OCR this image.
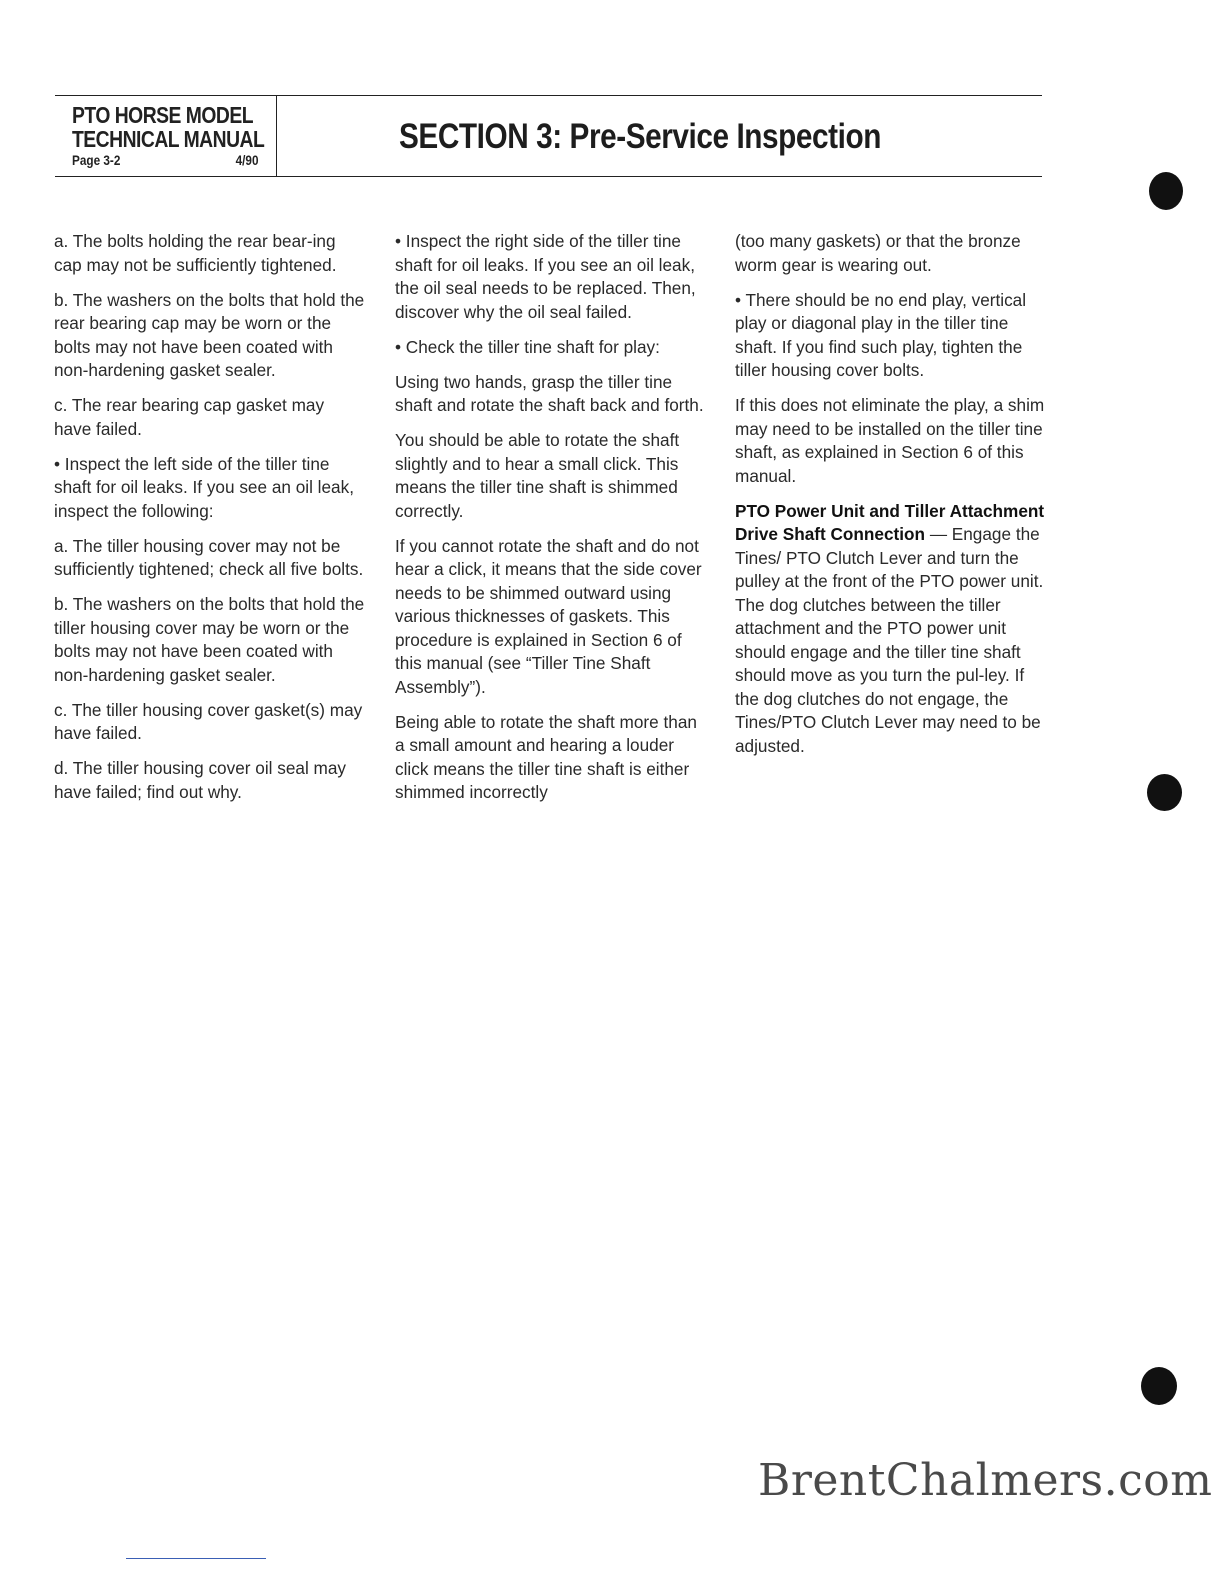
PTO HORSE MODEL
TECHNICAL MANUAL
Page 3-2	4/90
SECTION 3: Pre-Service Inspection

a. The bolts holding the rear bear-ing cap may not be sufficiently tightened.

b. The washers on the bolts that hold the rear bearing cap may be worn or the bolts may not have been coated with non-hardening gasket sealer.

c. The rear bearing cap gasket may have failed.

• Inspect the left side of the tiller tine shaft for oil leaks. If you see an oil leak, inspect the following:

a. The tiller housing cover may not be sufficiently tightened; check all five bolts.

b. The washers on the bolts that hold the tiller housing cover may be worn or the bolts may not have been coated with non-hardening gasket sealer.

c. The tiller housing cover gasket(s) may have failed.

d. The tiller housing cover oil seal may have failed; find out why.

• Inspect the right side of the tiller tine shaft for oil leaks. If you see an oil leak, the oil seal needs to be replaced. Then, discover why the oil seal failed.

• Check the tiller tine shaft for play:

Using two hands, grasp the tiller tine shaft and rotate the shaft back and forth.

You should be able to rotate the shaft slightly and to hear a small click. This means the tiller tine shaft is shimmed correctly.

If you cannot rotate the shaft and do not hear a click, it means that the side cover needs to be shimmed outward using various thicknesses of gaskets. This procedure is explained in Section 6 of this manual (see “Tiller Tine Shaft Assembly”).

Being able to rotate the shaft more than a small amount and hearing a louder click means the tiller tine shaft is either shimmed incorrectly

(too many gaskets) or that the bronze worm gear is wearing out.

• There should be no end play, vertical play or diagonal play in the tiller tine shaft. If you find such play, tighten the tiller housing cover bolts.

If this does not eliminate the play, a shim may need to be installed on the tiller tine shaft, as explained in Section 6 of this manual.

PTO Power Unit and Tiller Attachment Drive Shaft Connection — Engage the Tines/ PTO Clutch Lever and turn the pulley at the front of the PTO power unit. The dog clutches between the tiller attachment and the PTO power unit should engage and the tiller tine shaft should move as you turn the pul-ley. If the dog clutches do not engage, the Tines/PTO Clutch Lever may need to be adjusted.

BrentChalmers.com
